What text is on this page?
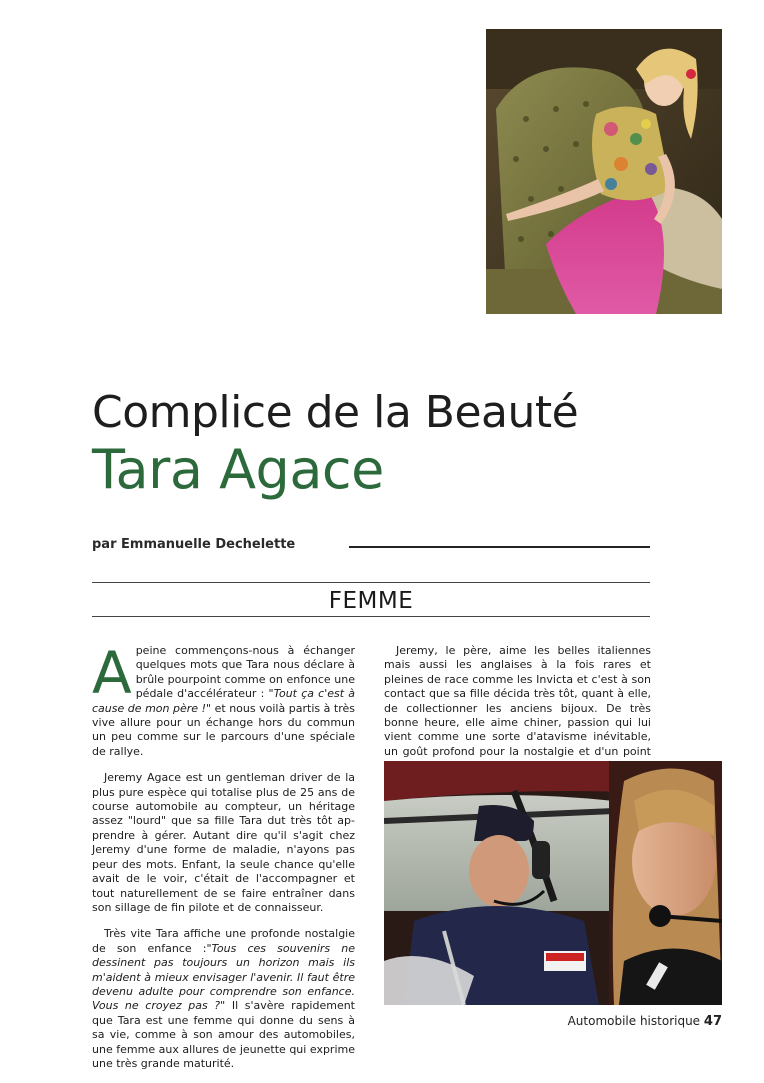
Complice de la Beauté
Tara Agace
par Emmanuelle Dechelette
FEMME

Apeine commençons-nous à échanger quelques mots que Tara nous déclare à brûle pourpoint comme on enfonce une pédale d'accélérateur : "Tout ça c'est à cause de mon père !" et nous voilà partis à très vive allure pour un échange hors du commun un peu comme sur le parcours d'une spéciale de rallye.

Jeremy Agace est un gentleman driver de la plus pure espèce qui totalise plus de 25 ans de course automobile au compteur, un héritage assez "lourd" que sa fille Tara dut très tôt apprendre à gérer. Autant dire qu'il s'agit chez Jeremy d'une forme de maladie, n'ayons pas peur des mots. Enfant, la seule chance qu'elle avait de le voir, c'était de l'accompagner et tout naturellement de se faire entraîner dans son sillage de fin pilote et de connaisseur.

Très vite Tara affiche une profonde nostalgie de son enfance :"Tous ces souvenirs ne dessinent pas toujours un horizon mais ils m'aident à mieux envisager l'avenir. Il faut être devenu adulte pour comprendre son enfance. Vous ne croyez pas ?" Il s'avère rapidement que Tara est une femme qui donne du sens à sa vie, comme à son amour des automobiles, une femme aux allures de jeunette qui exprime une très grande maturité.

Jeremy, le père, aime les belles italiennes mais aussi les anglaises à la fois rares et pleines de race comme les Invicta et c'est à son contact que sa fille décida très tôt, quant à elle, de collectionner les anciens bijoux. De très bonne heure, elle aime chiner, passion qui lui vient comme une sorte d'atavisme inévitable, un goût profond pour la nostalgie et d'un point

Automobile historique 47
